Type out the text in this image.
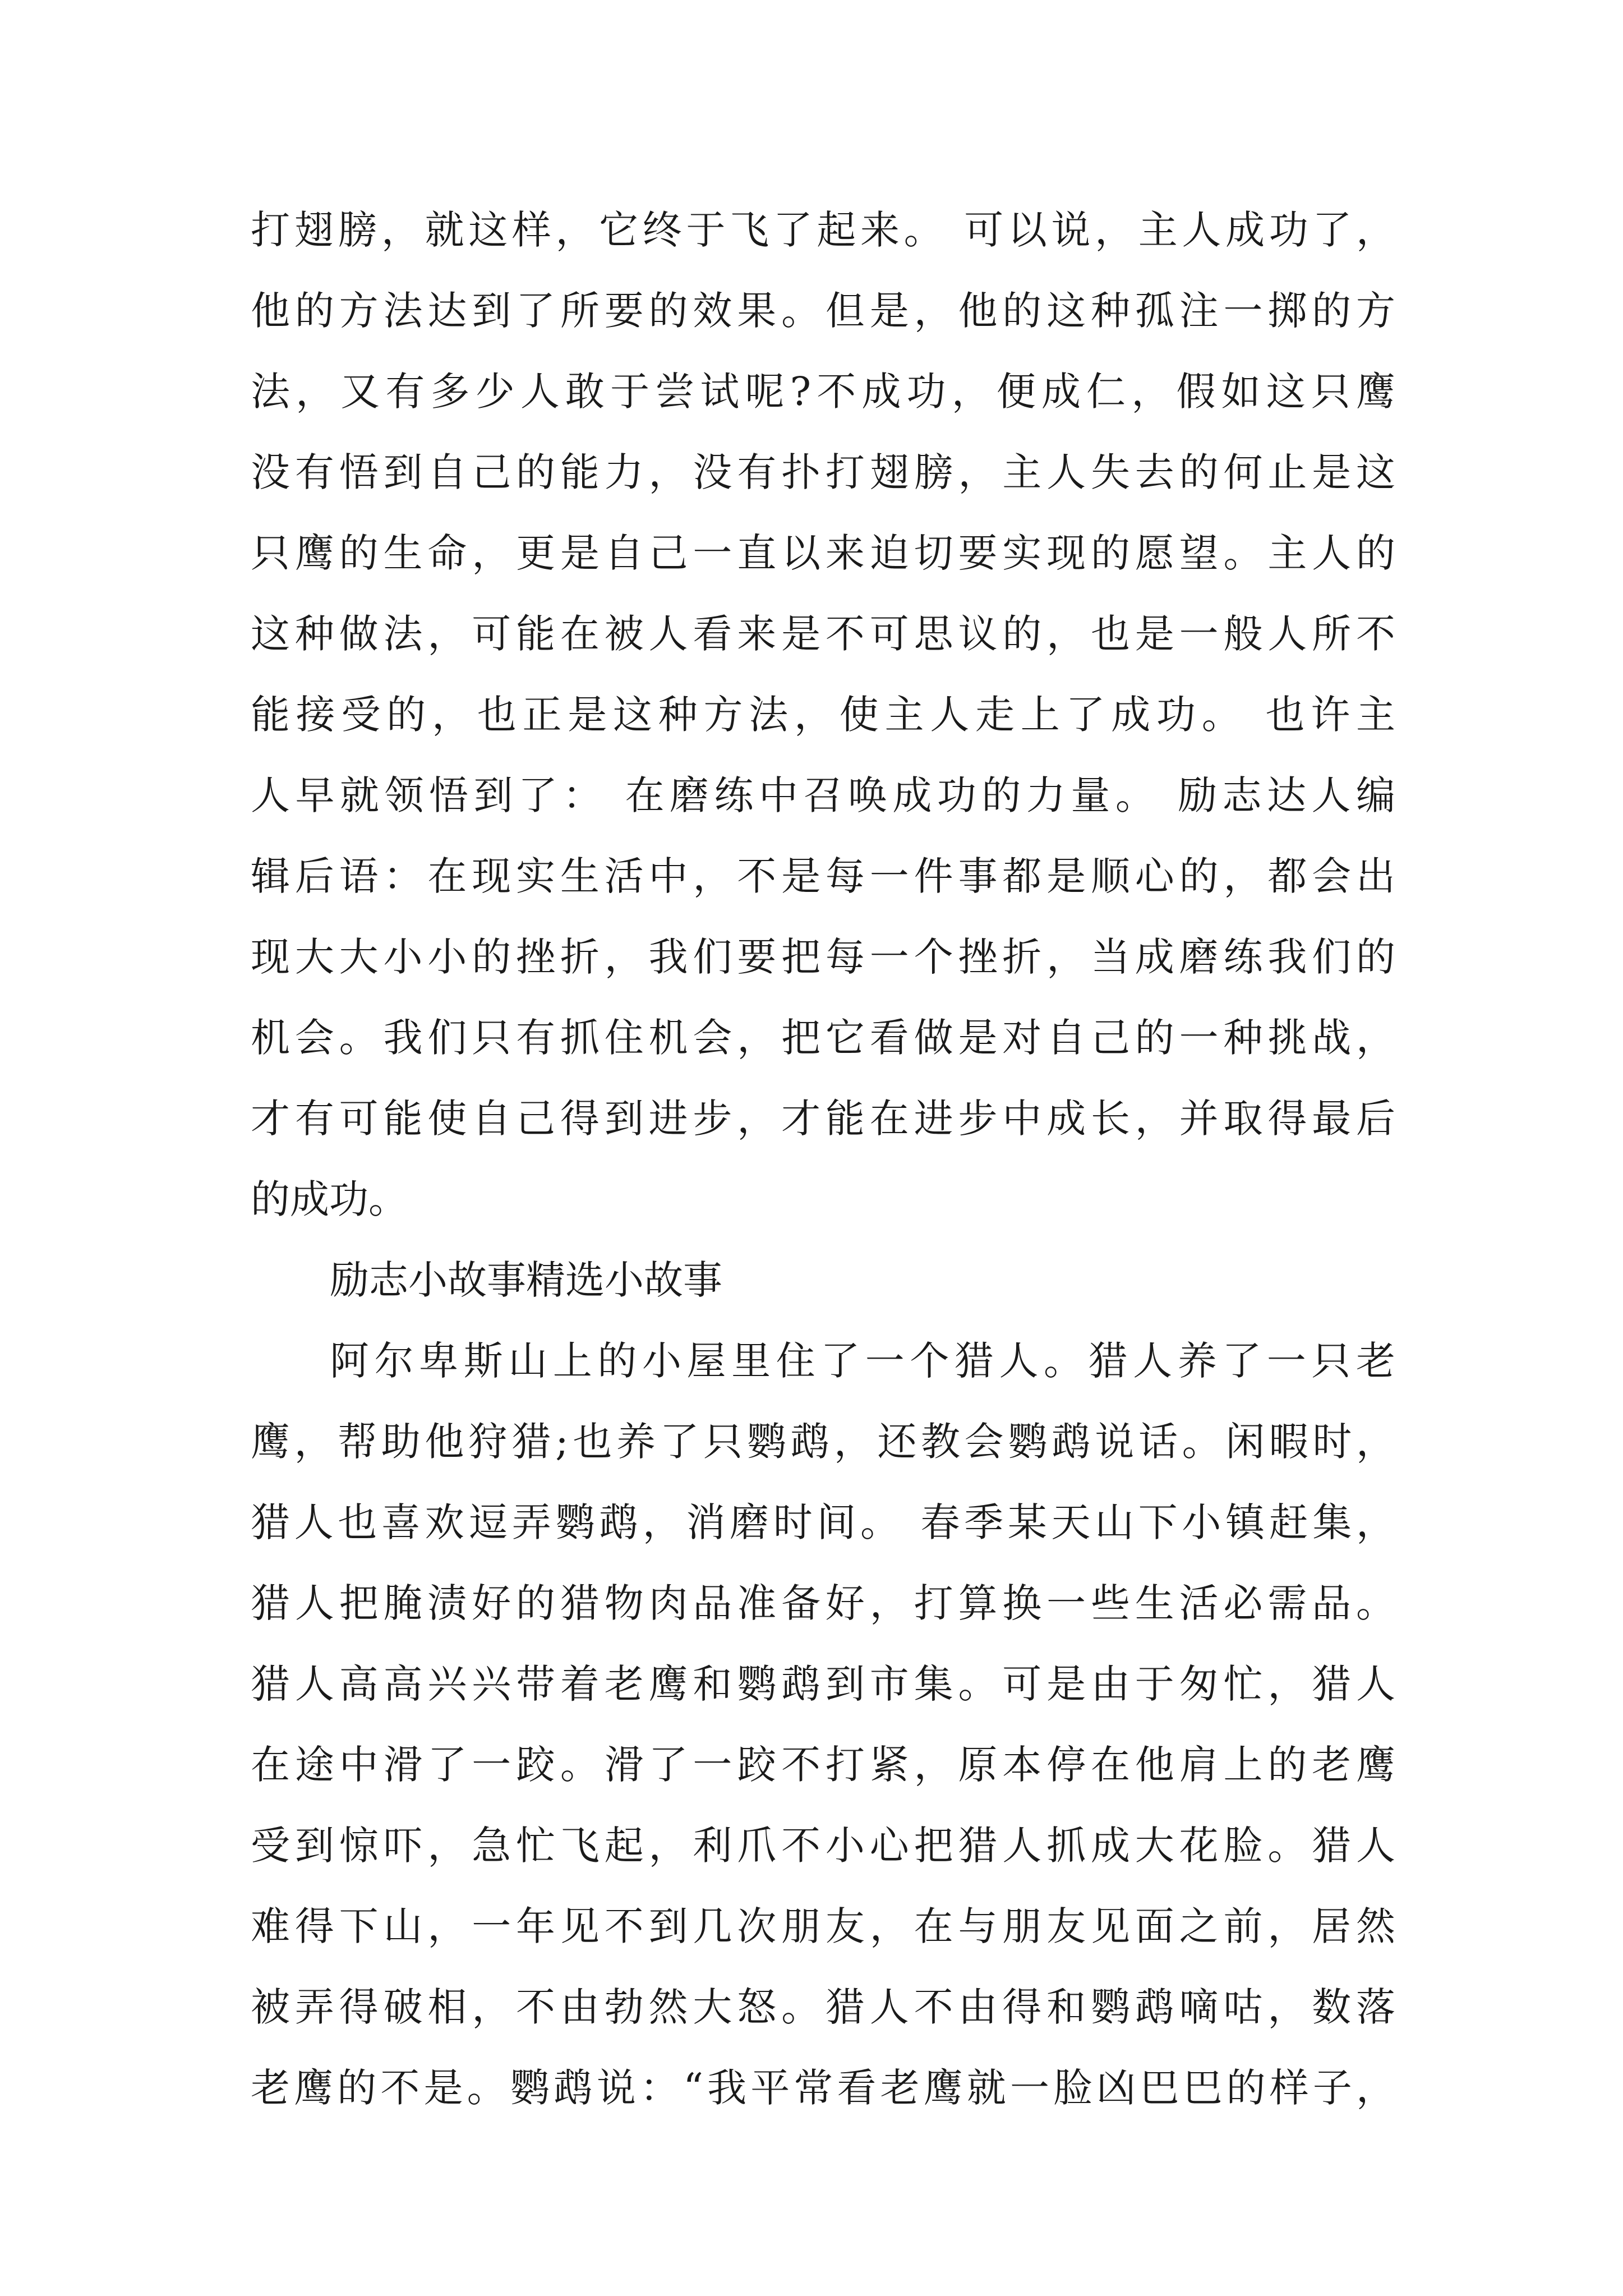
打翅膀，就这样，它终于飞了起来。 可以说，主人成功了，
他的方法达到了所要的效果。但是，他的这种孤注一掷的方
法，又有多少人敢于尝试呢?不成功，便成仁，假如这只鹰
没有悟到自己的能力，没有扑打翅膀，主人失去的何止是这
只鹰的生命，更是自己一直以来迫切要实现的愿望。主人的
这种做法，可能在被人看来是不可思议的，也是一般人所不
能接受的，也正是这种方法，使主人走上了成功。 也许主
人早就领悟到了： 在磨练中召唤成功的力量。 励志达人编
辑后语：在现实生活中，不是每一件事都是顺心的，都会出
现大大小小的挫折，我们要把每一个挫折，当成磨练我们的
机会。我们只有抓住机会，把它看做是对自己的一种挑战，
才有可能使自己得到进步，才能在进步中成长，并取得最后
的成功。
励志小故事精选小故事
阿尔卑斯山上的小屋里住了一个猎人。猎人养了一只老
鹰，帮助他狩猎;也养了只鹦鹉，还教会鹦鹉说话。闲暇时，
猎人也喜欢逗弄鹦鹉，消磨时间。 春季某天山下小镇赶集，
猎人把腌渍好的猎物肉品准备好，打算换一些生活必需品。
猎人高高兴兴带着老鹰和鹦鹉到市集。可是由于匆忙，猎人
在途中滑了一跤。滑了一跤不打紧，原本停在他肩上的老鹰
受到惊吓，急忙飞起，利爪不小心把猎人抓成大花脸。猎人
难得下山，一年见不到几次朋友，在与朋友见面之前，居然
被弄得破相，不由勃然大怒。猎人不由得和鹦鹉嘀咕，数落
老鹰的不是。鹦鹉说：“我平常看老鹰就一脸凶巴巴的样子，
